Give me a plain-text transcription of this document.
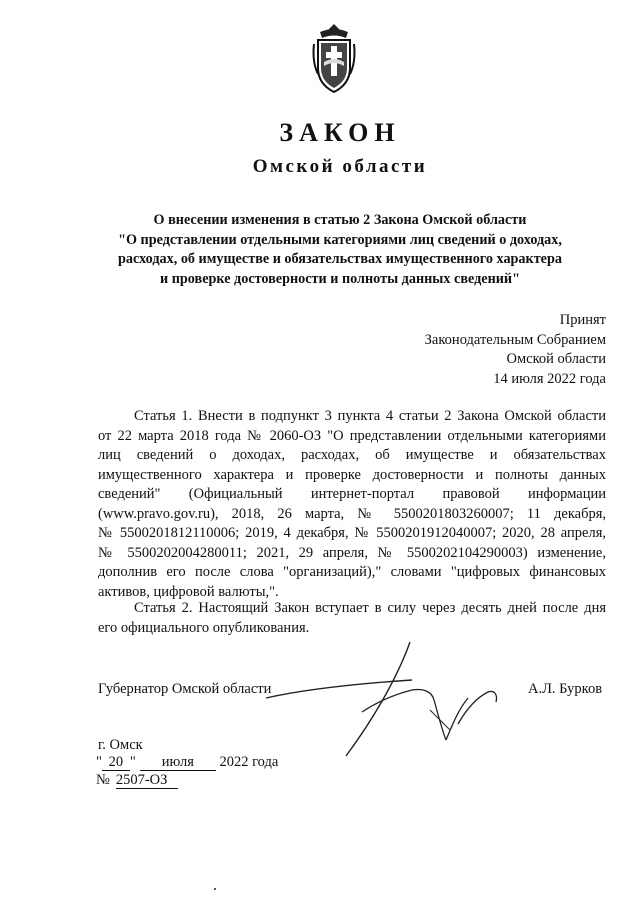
ЗАКОН
Омской области
О внесении изменения в статью 2 Закона Омской области
"О представлении отдельными категориями лиц сведений о доходах,
расходах, об имуществе и обязательствах имущественного характера
и проверке достоверности и полноты данных сведений"
Принят
Законодательным Собранием
Омской области
14 июля 2022 года
Статья 1. Внести в подпункт 3 пункта 4 статьи 2 Закона Омской области
от 22 марта 2018 года № 2060-ОЗ "О представлении отдельными категориями
лиц сведений о доходах, расходах, об имуществе и обязательствах
имущественного характера и проверке достоверности и полноты данных
сведений" (Официальный интернет-портал правовой информации
(www.pravo.gov.ru), 2018, 26 марта, № 5500201803260007; 11 декабря,
№ 5500201812110006; 2019, 4 декабря, № 5500201912040007; 2020, 28 апреля,
№ 5500202004280011; 2021, 29 апреля, № 5500202104290003) изменение,
дополнив его после слова "организаций)," словами "цифровых финансовых
активов, цифровой валюты,".
Статья 2. Настоящий Закон вступает в силу через десять дней после дня
его официального опубликования.
Губернатор Омской области	А.Л. Бурков
г. Омск
" 20 " июля 2022 года
№ 2507-ОЗ
